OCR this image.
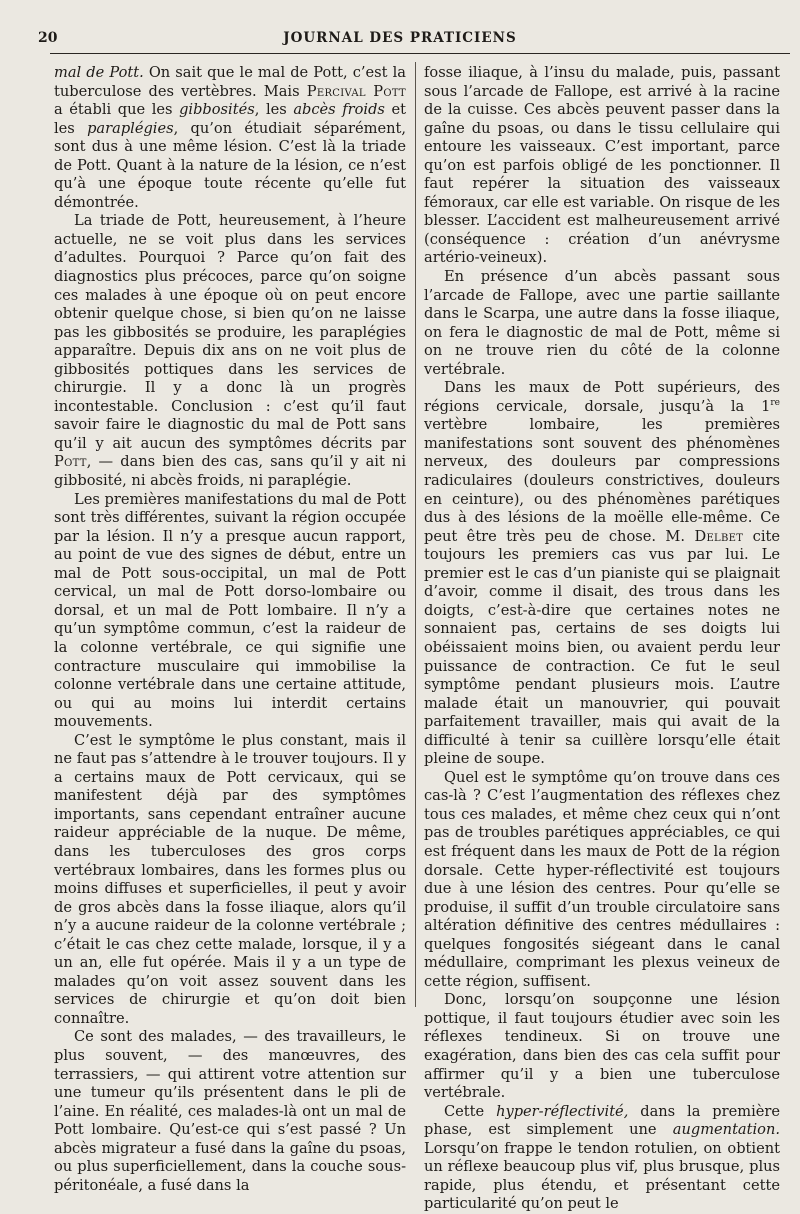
20	JOURNAL DES PRATICIENS

mal de Pott. On sait que le mal de Pott, c’est la tuberculose des vertèbres. Mais Percival Pott a établi que les gibbosités, les abcès froids et les paraplégies, qu’on étudiait séparément, sont dus à une même lésion. C’est là la triade de Pott. Quant à la nature de la lésion, ce n’est qu’à une époque toute récente qu’elle fut démontrée.

La triade de Pott, heureusement, à l’heure actuelle, ne se voit plus dans les services d’adultes. Pourquoi ? Parce qu’on fait des diagnostics plus précoces, parce qu’on soigne ces malades à une époque où on peut encore obtenir quelque chose, si bien qu’on ne laisse pas les gibbosités se produire, les paraplégies apparaître. Depuis dix ans on ne voit plus de gibbosités pottiques dans les services de chirurgie. Il y a donc là un progrès incontestable. Conclusion : c’est qu’il faut savoir faire le diagnostic du mal de Pott sans qu’il y ait aucun des symptômes décrits par Pott, — dans bien des cas, sans qu’il y ait ni gibbosité, ni abcès froids, ni paraplégie.

Les premières manifestations du mal de Pott sont très différentes, suivant la région occupée par la lésion. Il n’y a presque aucun rapport, au point de vue des signes de début, entre un mal de Pott sous-occipital, un mal de Pott cervical, un mal de Pott dorso-lombaire ou dorsal, et un mal de Pott lombaire. Il n’y a qu’un symptôme commun, c’est la raideur de la colonne vertébrale, ce qui signifie une contracture musculaire qui immobilise la colonne vertébrale dans une certaine attitude, ou qui au moins lui interdit certains mouvements.

C’est le symptôme le plus constant, mais il ne faut pas s’attendre à le trouver toujours. Il y a certains maux de Pott cervicaux, qui se manifestent déjà par des symptômes importants, sans cependant entraîner aucune raideur appréciable de la nuque. De même, dans les tuberculoses des gros corps vertébraux lombaires, dans les formes plus ou moins diffuses et superficielles, il peut y avoir de gros abcès dans la fosse iliaque, alors qu’il n’y a aucune raideur de la colonne vertébrale ; c’était le cas chez cette malade, lorsque, il y a un an, elle fut opérée. Mais il y a un type de malades qu’on voit assez souvent dans les services de chirurgie et qu’on doit bien connaître.

Ce sont des malades, — des travailleurs, le plus souvent, — des manœuvres, des terrassiers, — qui attirent votre attention sur une tumeur qu’ils présentent dans le pli de l’aine. En réalité, ces malades-là ont un mal de Pott lombaire. Qu’est-ce qui s’est passé ? Un abcès migrateur a fusé dans la gaîne du psoas, ou plus superficiellement, dans la couche sous-péritonéale, a fusé dans la

fosse iliaque, à l’insu du malade, puis, passant sous l’arcade de Fallope, est arrivé à la racine de la cuisse. Ces abcès peuvent passer dans la gaîne du psoas, ou dans le tissu cellulaire qui entoure les vaisseaux. C’est important, parce qu’on est parfois obligé de les ponctionner. Il faut repérer la situation des vaisseaux fémoraux, car elle est variable. On risque de les blesser. L’accident est malheureusement arrivé (conséquence : création d’un anévrysme artério-veineux).

En présence d’un abcès passant sous l’arcade de Fallope, avec une partie saillante dans le Scarpa, une autre dans la fosse iliaque, on fera le diagnostic de mal de Pott, même si on ne trouve rien du côté de la colonne vertébrale.

Dans les maux de Pott supérieurs, des régions cervicale, dorsale, jusqu’à la 1re vertèbre lombaire, les premières manifestations sont souvent des phénomènes nerveux, des douleurs par compressions radiculaires (douleurs constrictives, douleurs en ceinture), ou des phénomènes parétiques dus à des lésions de la moëlle elle-même. Ce peut être très peu de chose. M. Delbet cite toujours les premiers cas vus par lui. Le premier est le cas d’un pianiste qui se plaignait d’avoir, comme il disait, des trous dans les doigts, c’est-à-dire que certaines notes ne sonnaient pas, certains de ses doigts lui obéissaient moins bien, ou avaient perdu leur puissance de contraction. Ce fut le seul symptôme pendant plusieurs mois. L’autre malade était un manouvrier, qui pouvait parfaitement travailler, mais qui avait de la difficulté à tenir sa cuillère lorsqu’elle était pleine de soupe.

Quel est le symptôme qu’on trouve dans ces cas-là ? C’est l’augmentation des réflexes chez tous ces malades, et même chez ceux qui n’ont pas de troubles parétiques appréciables, ce qui est fréquent dans les maux de Pott de la région dorsale. Cette hyper-réflectivité est toujours due à une lésion des centres. Pour qu’elle se produise, il suffit d’un trouble circulatoire sans altération définitive des centres médullaires : quelques fongosités siégeant dans le canal médullaire, comprimant les plexus veineux de cette région, suffisent.

Donc, lorsqu’on soupçonne une lésion pottique, il faut toujours étudier avec soin les réflexes tendineux. Si on trouve une exagération, dans bien des cas cela suffit pour affirmer qu’il y a bien une tuberculose vertébrale.

Cette hyper-réflectivité, dans la première phase, est simplement une augmentation. Lorsqu’on frappe le tendon rotulien, on obtient un réflexe beaucoup plus vif, plus brusque, plus rapide, plus étendu, et présentant cette particularité qu’on peut le
